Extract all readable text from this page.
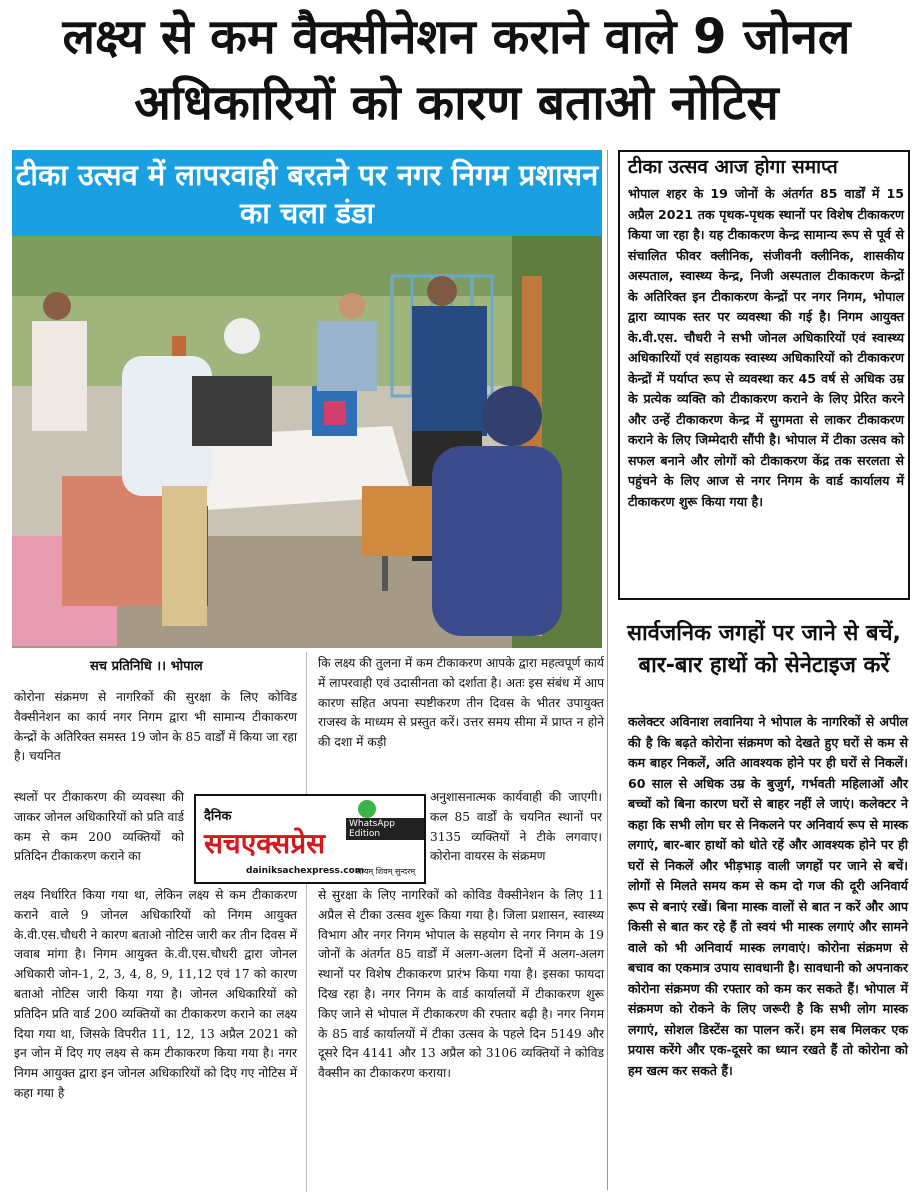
लक्ष्य से कम वैक्सीनेशन कराने वाले 9 जोनल अधिकारियों को कारण बताओ नोटिस
टीका उत्सव में लापरवाही बरतने पर नगर निगम प्रशासन का चला डंडा
सच प्रतिनिधि ।। भोपाल
कोरोना संक्रमण से नागरिकों की सुरक्षा के लिए कोविड वैक्सीनेशन का कार्य नगर निगम द्वारा भी सामान्य टीकाकरण केन्द्रों के अतिरिक्त समस्त 19 जोन के 85 वार्डों में किया जा रहा है। चयनित
स्थलों पर टीकाकरण की व्यवस्था की जाकर जोनल अधिकारियों को प्रति वार्ड कम से कम 200 व्यक्तियों को प्रतिदिन टीकाकरण कराने का
लक्ष्य निर्धारित किया गया था, लेकिन लक्ष्य से कम टीकाकरण कराने वाले 9 जोनल अधिकारियों को निगम आयुक्त के.वी.एस.चौधरी ने कारण बताओ नोटिस जारी कर तीन दिवस में जवाब मांगा है। निगम आयुक्त के.वी.एस.चौधरी द्वारा जोनल अधिकारी जोन-1, 2, 3, 4, 8, 9, 11,12 एवं 17 को कारण बताओ नोटिस जारी किया गया है। जोनल अधिकारियों को प्रतिदिन प्रति वार्ड 200 व्यक्तियों का टीकाकरण कराने का लक्ष्य दिया गया था, जिसके विपरीत 11, 12, 13 अप्रैल 2021 को इन जोन में दिए गए लक्ष्य से कम टीकाकरण किया गया है। नगर निगम आयुक्त द्वारा इन जोनल अधिकारियों को दिए गए नोटिस में कहा गया है
कि लक्ष्य की तुलना में कम टीकाकरण आपके द्वारा महत्वपूर्ण कार्य में लापरवाही एवं उदासीनता को दर्शाता है। अतः इस संबंध में आप कारण सहित अपना स्पष्टीकरण तीन दिवस के भीतर उपायुक्त राजस्व के माध्यम से प्रस्तुत करें। उत्तर समय सीमा में प्राप्त न होने की दशा में कड़ी
अनुशासनात्मक कार्यवाही की जाएगी। कल 85 वार्डों के चयनित स्थानों पर 3135 व्यक्तियों ने टीके लगवाए। कोरोना वायरस के संक्रमण
से सुरक्षा के लिए नागरिकों को कोविड वैक्सीनेशन के लिए 11 अप्रैल से टीका उत्सव शुरू किया गया है। जिला प्रशासन, स्वास्थ्य विभाग और नगर निगम भोपाल के सहयोग से नगर निगम के 19 जोनों के अंतर्गत 85 वार्डों में अलग-अलग दिनों में अलग-अलग स्थानों पर विशेष टीकाकरण प्रारंभ किया गया है। इसका फायदा दिख रहा है। नगर निगम के वार्ड कार्यालयों में टीकाकरण शुरू किए जाने से भोपाल में टीकाकरण की रफ्तार बढ़ी है। नगर निगम के 85 वार्ड कार्यालयों में टीका उत्सव के पहले दिन 5149 और दूसरे दिन 4141 और 13 अप्रैल को 3106 व्यक्तियों ने कोविड वैक्सीन का टीकाकरण कराया।
दैनिक	WhatsApp Edition
सचएक्सप्रेस
dainiksachexpress.com
सत्यम् शिवम् सुन्दरम्
टीका उत्सव आज होगा समाप्त
भोपाल शहर के 19 जोनों के अंतर्गत 85 वार्डों में 15 अप्रैल 2021 तक पृथक-पृथक स्थानों पर विशेष टीकाकरण किया जा रहा है। यह टीकाकरण केन्द्र सामान्य रूप से पूर्व से संचालित फीवर क्लीनिक, संजीवनी क्लीनिक, शासकीय अस्पताल, स्वास्थ्य केन्द्र, निजी अस्पताल टीकाकरण केन्द्रों के अतिरिक्त इन टीकाकरण केन्द्रों पर नगर निगम, भोपाल द्वारा व्यापक स्तर पर व्यवस्था की गई है। निगम आयुक्त के.वी.एस. चौधरी ने सभी जोनल अधिकारियों एवं स्वास्थ्य अधिकारियों एवं सहायक स्वास्थ्य अधिकारियों को टीकाकरण केन्द्रों में पर्याप्त रूप से व्यवस्था कर 45 वर्ष से अधिक उम्र के प्रत्येक व्यक्ति को टीकाकरण कराने के लिए प्रेरित करने और उन्हें टीकाकरण केन्द्र में सुगमता से लाकर टीकाकरण कराने के लिए जिम्मेदारी सौंपी है। भोपाल में टीका उत्सव को सफल बनाने और लोगों को टीकाकरण केंद्र तक सरलता से पहुंचने के लिए आज से नगर निगम के वार्ड कार्यालय में टीकाकरण शुरू किया गया है।
सार्वजनिक जगहों पर जाने से बचें, बार-बार हाथों को सेनेटाइज करें
कलेक्टर अविनाश लवानिया ने भोपाल के नागरिकों से अपील की है कि बढ़ते कोरोना संक्रमण को देखते हुए घरों से कम से कम बाहर निकलें, अति आवश्यक होने पर ही घरों से निकलें। 60 साल से अधिक उम्र के बुजुर्ग, गर्भवती महिलाओं और बच्चों को बिना कारण घरों से बाहर नहीं ले जाएं। कलेक्टर ने कहा कि सभी लोग घर से निकलने पर अनिवार्य रूप से मास्क लगाएं, बार-बार हाथों को धोते रहें और आवश्यक होने पर ही घरों से निकलें और भीड़भाड़ वाली जगहों पर जाने से बचें। लोगों से मिलते समय कम से कम दो गज की दूरी अनिवार्य रूप से बनाएं रखें। बिना मास्क वालों से बात न करें और आप किसी से बात कर रहे हैं तो स्वयं भी मास्क लगाएं और सामने वाले को भी अनिवार्य मास्क लगवाएं। कोरोना संक्रमण से बचाव का एकमात्र उपाय सावधानी है। सावधानी को अपनाकर कोरोना संक्रमण की रफ्तार को कम कर सकते हैं। भोपाल में संक्रमण को रोकने के लिए जरूरी है कि सभी लोग मास्क लगाएं, सोशल डिस्टेंस का पालन करें। हम सब मिलकर एक प्रयास करेंगे और एक-दूसरे का ध्यान रखते हैं तो कोरोना को हम खत्म कर सकते हैं।
